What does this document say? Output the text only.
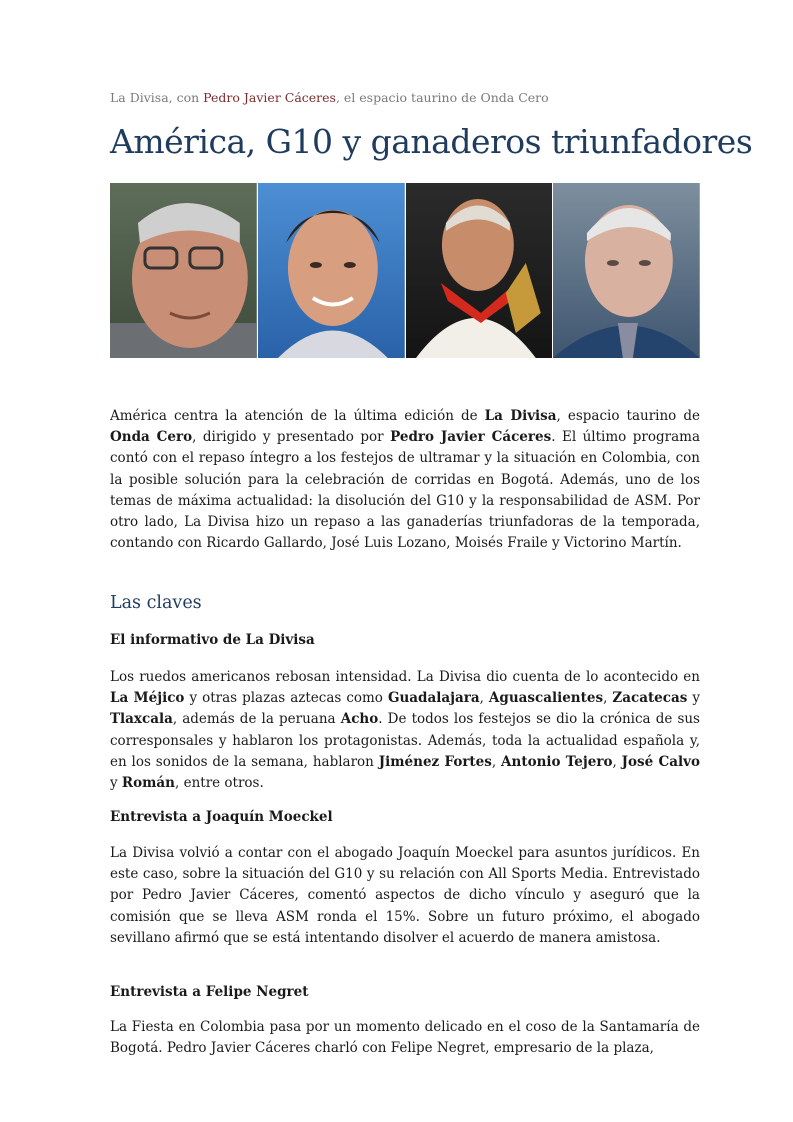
La Divisa, con Pedro Javier Cáceres, el espacio taurino de Onda Cero
América, G10 y ganaderos triunfadores

América centra la atención de la última edición de La Divisa, espacio taurino de Onda Cero, dirigido y presentado por Pedro Javier Cáceres. El último programa contó con el repaso íntegro a los festejos de ultramar y la situación en Colombia, con la posible solución para la celebración de corridas en Bogotá. Además, uno de los temas de máxima actualidad: la disolución del G10 y la responsabilidad de ASM. Por otro lado, La Divisa hizo un repaso a las ganaderías triunfadoras de la temporada, contando con Ricardo Gallardo, José Luis Lozano, Moisés Fraile y Victorino Martín.

Las claves
El informativo de La Divisa

Los ruedos americanos rebosan intensidad. La Divisa dio cuenta de lo acontecido en La Méjico y otras plazas aztecas como Guadalajara, Aguascalientes, Zacatecas y Tlaxcala, además de la peruana Acho. De todos los festejos se dio la crónica de sus corresponsales y hablaron los protagonistas. Además, toda la actualidad española y, en los sonidos de la semana, hablaron Jiménez Fortes, Antonio Tejero, José Calvo y Román, entre otros.

Entrevista a Joaquín Moeckel

La Divisa volvió a contar con el abogado Joaquín Moeckel para asuntos jurídicos. En este caso, sobre la situación del G10 y su relación con All Sports Media. Entrevistado por Pedro Javier Cáceres, comentó aspectos de dicho vínculo y aseguró que la comisión que se lleva ASM ronda el 15%. Sobre un futuro próximo, el abogado sevillano afirmó que se está intentando disolver el acuerdo de manera amistosa.

Entrevista a Felipe Negret

La Fiesta en Colombia pasa por un momento delicado en el coso de la Santamaría de Bogotá. Pedro Javier Cáceres charló con Felipe Negret, empresario de la plaza,
